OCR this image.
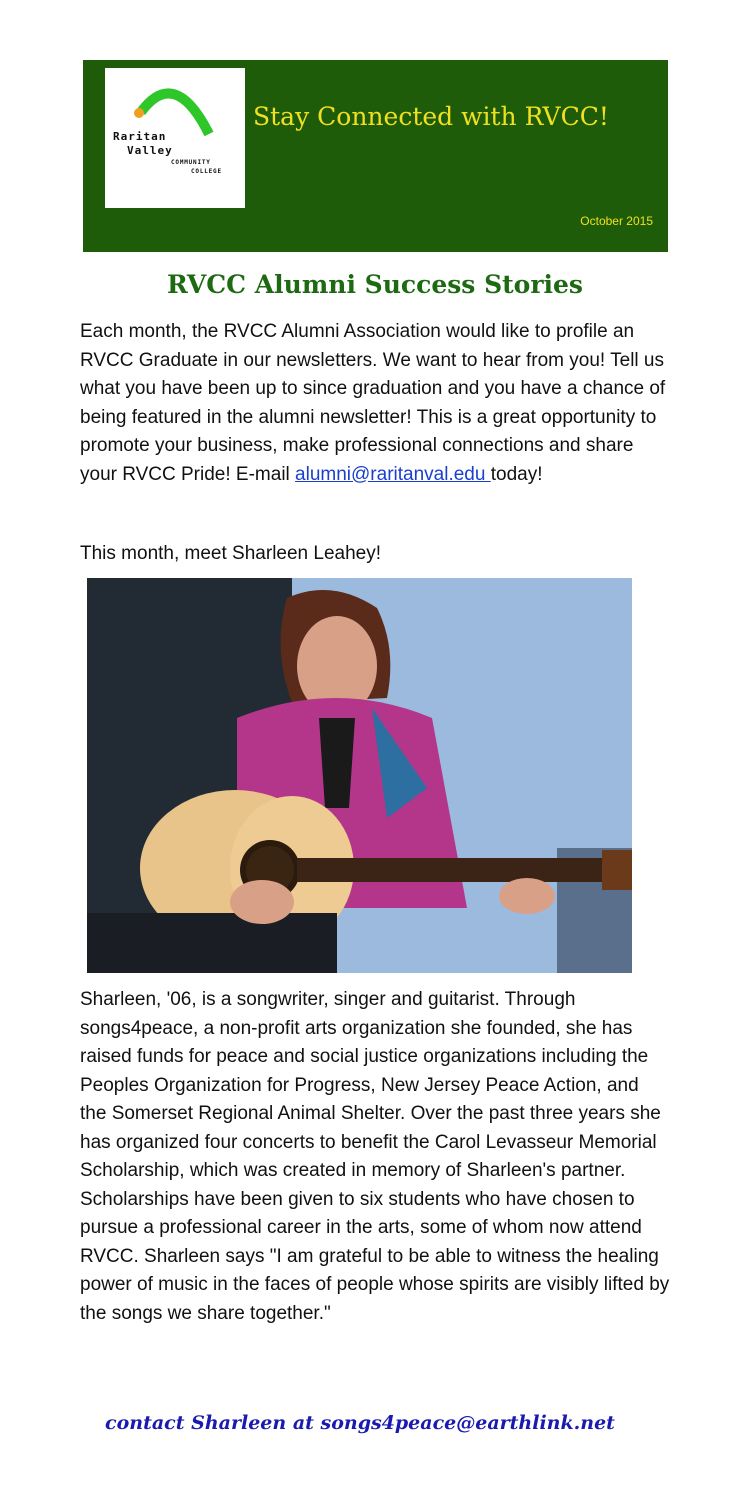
Raritan
Valley
COMMUNITY
COLLEGE
Stay Connected with RVCC!
October 2015
RVCC Alumni Success Stories

Each month, the RVCC Alumni Association would like to profile an RVCC Graduate in our newsletters. We want to hear from you! Tell us what you have been up to since graduation and you have a chance of being featured in the alumni newsletter! This is a great opportunity to promote your business, make professional connections and share your RVCC Pride! E-mail alumni@raritanval.edu today!

This month, meet Sharleen Leahey!

Sharleen, '06, is a songwriter, singer and guitarist. Through songs4peace, a non-profit arts organization she founded, she has raised funds for peace and social justice organizations including the Peoples Organization for Progress, New Jersey Peace Action, and the Somerset Regional Animal Shelter. Over the past three years she has organized four concerts to benefit the Carol Levasseur Memorial Scholarship, which was created in memory of Sharleen's partner. Scholarships have been given to six students who have chosen to pursue a professional career in the arts, some of whom now attend RVCC. Sharleen says "I am grateful to be able to witness the healing power of music in the faces of people whose spirits are visibly lifted by the songs we share together."

contact Sharleen at songs4peace@earthlink.net
